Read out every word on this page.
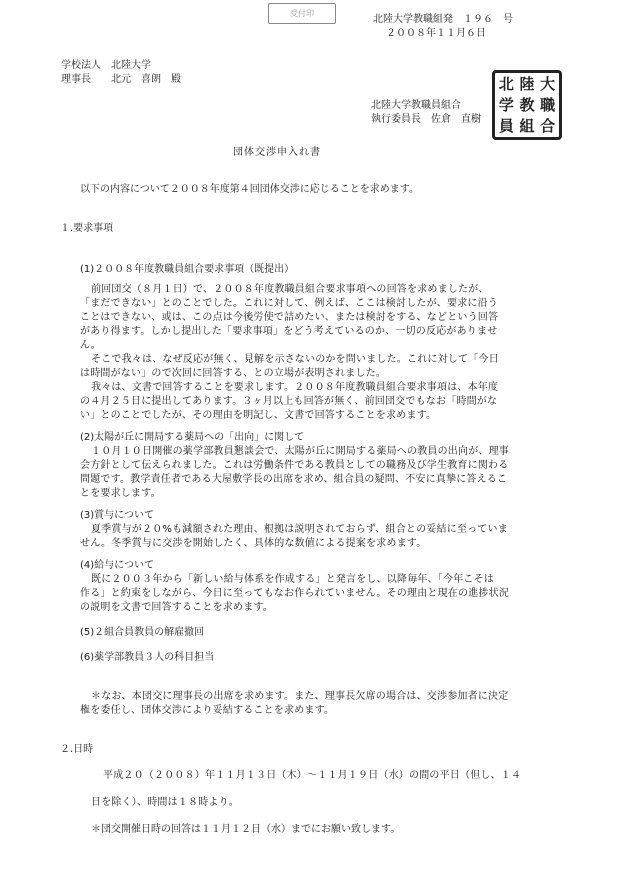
受付印
北陸大学教職組発　１９６　号
２００８年１１月６日
学校法人　北陸大学
理事長　　北元　喜朗　殿
北陸大学教職員組合
執行委員長　佐倉　直樹
北 陸 大
学 教 職
員 組 合
団体交渉申入れ書
以下の内容について２００８年度第４回団体交渉に応じることを求めます。
１.要求事項
(1)２００８年度教職員組合要求事項（既提出）
前回団交（８月１日）で、２００８年度教職員組合要求事項への回答を求めましたが、
「まだできない」とのことでした。これに対して、例えば、ここは検討したが、要求に沿う
ことはできない、或は、この点は今後労使で詰めたい、または検討をする、などという回答
があり得ます。しかし提出した「要求事項」をどう考えているのか、一切の反応がありませ
ん。
そこで我々は、なぜ反応が無く、見解を示さないのかを問いました。これに対して「今日
は時間がない」ので次回に回答する、との立場が表明されました。
我々は、文書で回答することを要求します。２００８年度教職員組合要求事項は、本年度
の４月２５日に提出してあります。３ヶ月以上も回答が無く、前回団交でもなお「時間がな
い」とのことでしたが、その理由を明記し、文書で回答することを求めます。
(2)太陽が丘に開局する薬局への「出向」に関して
１０月１０日開催の薬学部教員懇談会で、太陽が丘に開局する薬局への教員の出向が、理事
会方針として伝えられました。これは労働条件である教員としての職務及び学生教育に関わる
問題です。教学責任者である大屋敷学長の出席を求め、組合員の疑問、不安に真摯に答えるこ
とを要求します。
(3)賞与について
夏季賞与が２０%も減額された理由、根拠は説明されておらず、組合との妥結に至っていま
せん。冬季賞与に交渉を開始したく、具体的な数値による提案を求めます。
(4)給与について
既に２００３年から「新しい給与体系を作成する」と発言をし、以降毎年、「今年こそは
作る」と約束をしながら、今日に至ってもなお作られていません。その理由と現在の進捗状況
の説明を文書で回答することを求めます。
(5)２組合員教員の解雇撤回
(6)薬学部教員３人の科目担当
＊なお、本団交に理事長の出席を求めます。また、理事長欠席の場合は、交渉参加者に決定
権を委任し、団体交渉により妥結することを求めます。
２.日時
平成２０（２００８）年１１月１３日（木）～１１月１９日（水）の間の平日（但し、１４
日を除く）、時間は１８時より。
＊団交開催日時の回答は１１月１２日（水）までにお願い致します。
